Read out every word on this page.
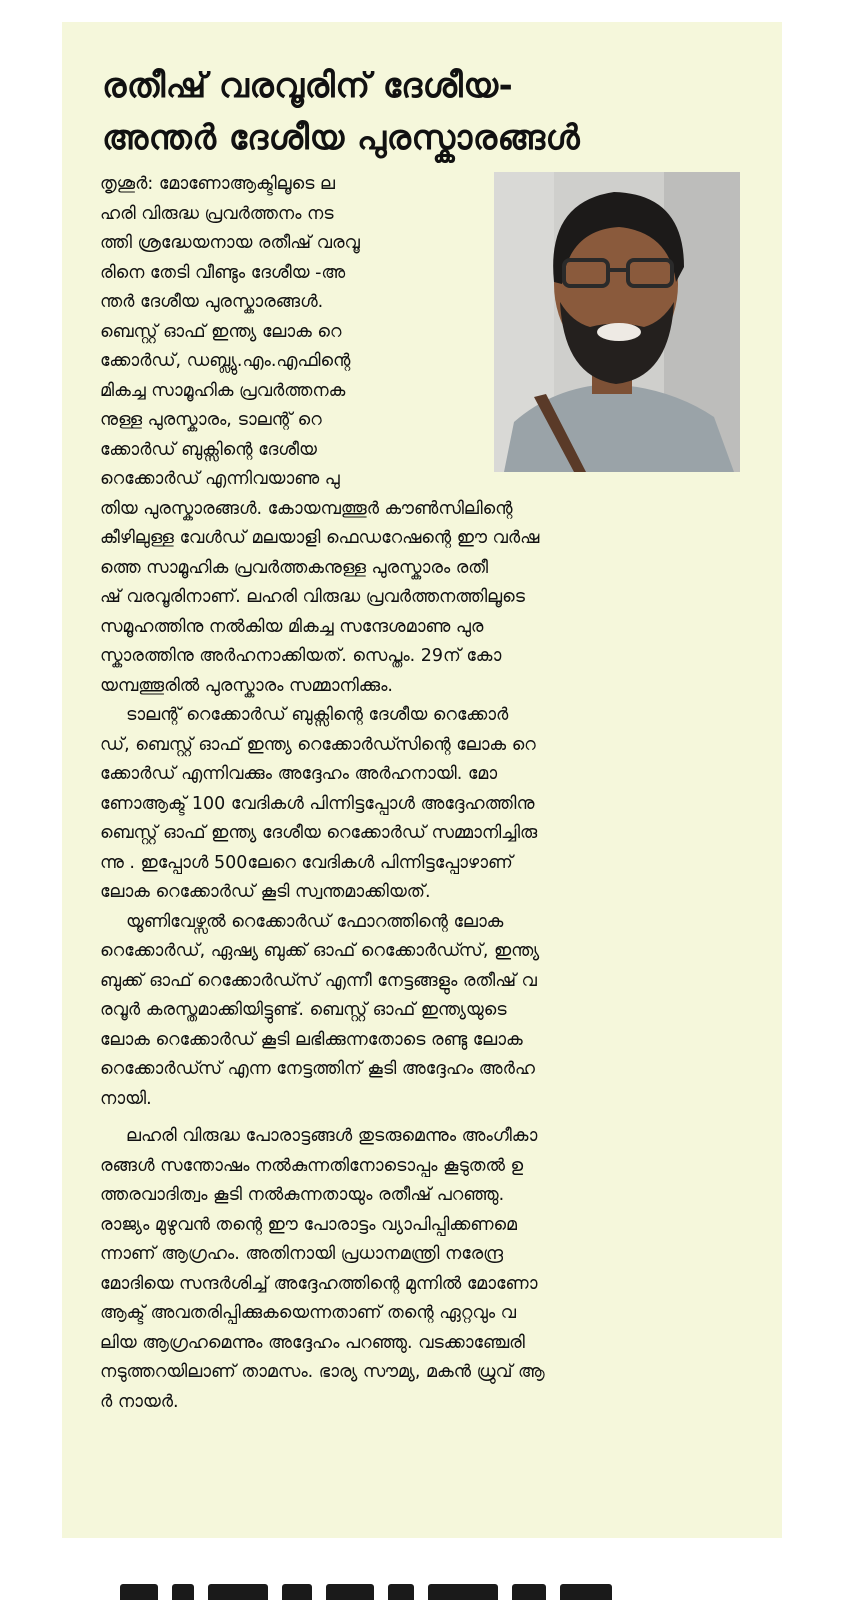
രതീഷ് വരവൂരിന് ദേശീയ-
അന്തർ ദേശീയ പുരസ്കാരങ്ങൾ
തൃശൂർ: മോണോആക്ടിലൂടെ ല
ഹരി വിരുദ്ധ പ്രവർത്തനം നട
ത്തി ശ്രദ്ധേയനായ രതീഷ് വരവൂ
രിനെ തേടി വീണ്ടും ദേശീയ -അ
ന്തർ ദേശീയ പുരസ്കാരങ്ങൾ.
ബെസ്റ്റ് ഓഫ് ഇന്ത്യ ലോക റെ
ക്കോർഡ്, ഡബ്ല്യു.എം.എഫിന്റെ
മികച്ച സാമൂഹിക പ്രവർത്തനക
നുള്ള പുരസ്കാരം, ടാലന്റ് റെ
ക്കോർഡ് ബുക്സിന്റെ ദേശീയ
റെക്കോർഡ് എന്നിവയാണു പു
തിയ പുരസ്കാരങ്ങൾ. കോയമ്പത്തൂർ കൗൺസിലിന്റെ
കീഴിലുള്ള വേൾഡ് മലയാളി ഫെഡറേഷന്റെ ഈ വർഷ
ത്തെ സാമൂഹിക പ്രവർത്തകനുള്ള പുരസ്കാരം രതീ
ഷ് വരവൂരിനാണ്. ലഹരി വിരുദ്ധ പ്രവർത്തനത്തിലൂടെ
സമൂഹത്തിനു നൽകിയ മികച്ച സന്ദേശമാണു പുര
സ്കാരത്തിനു അർഹനാക്കിയത്. സെപ്തം. 29ന് കോ
യമ്പത്തൂരിൽ പുരസ്കാരം സമ്മാനിക്കും.
ടാലന്റ് റെക്കോർഡ് ബുക്സിന്റെ ദേശീയ റെക്കോർ
ഡ്, ബെസ്റ്റ് ഓഫ് ഇന്ത്യ റെക്കോർഡ്സിന്റെ ലോക റെ
ക്കോർഡ് എന്നിവക്കും അദ്ദേഹം അർഹനായി. മോ
ണോആക്ട് 100 വേദികൾ പിന്നിട്ടപ്പോൾ അദ്ദേഹത്തിനു
ബെസ്റ്റ് ഓഫ് ഇന്ത്യ ദേശീയ റെക്കോർഡ് സമ്മാനിച്ചിരു
ന്നു . ഇപ്പോൾ 500ലേറെ വേദികൾ പിന്നിട്ടപ്പോഴാണ്
ലോക റെക്കോർഡ് കൂടി സ്വന്തമാക്കിയത്.
യൂണിവേഴ്സൽ റെക്കോർഡ് ഫോറത്തിന്റെ ലോക
റെക്കോർഡ്, ഏഷ്യ ബുക്ക് ഓഫ് റെക്കോർഡ്സ്, ഇന്ത്യ
ബുക്ക് ഓഫ് റെക്കോർഡ്സ് എന്നീ നേട്ടങ്ങളും രതീഷ് വ
രവൂർ കരസ്തമാക്കിയിട്ടുണ്ട്. ബെസ്റ്റ് ഓഫ് ഇന്ത്യയുടെ
ലോക റെക്കോർഡ് കൂടി ലഭിക്കുന്നതോടെ രണ്ടു ലോക
റെക്കോർഡ്സ് എന്ന നേട്ടത്തിന് കൂടി അദ്ദേഹം അർഹ
നായി.
ലഹരി വിരുദ്ധ പോരാട്ടങ്ങൾ തുടരുമെന്നും അംഗീകാ
രങ്ങൾ സന്തോഷം നൽകുന്നതിനോടൊപ്പം കൂടുതൽ ഉ
ത്തരവാദിത്വം കൂടി നൽകുന്നതായും രതീഷ് പറഞ്ഞു.
രാജ്യം മുഴുവൻ തന്റെ ഈ പോരാട്ടം വ്യാപിപ്പിക്കണമെ
ന്നാണ് ആഗ്രഹം. അതിനായി പ്രധാനമന്ത്രി നരേന്ദ്ര
മോദിയെ സന്ദർശിച്ച് അദ്ദേഹത്തിന്റെ മുന്നിൽ മോണോ
ആക്ട് അവതരിപ്പിക്കുകയെന്നതാണ് തന്റെ ഏറ്റവും വ
ലിയ ആഗ്രഹമെന്നും അദ്ദേഹം പറഞ്ഞു. വടക്കാഞ്ചേരി
നടുത്തറയിലാണ് താമസം. ഭാര്യ സൗമ്യ, മകൻ ധ്രുവ് ആ
ർ നായർ.
